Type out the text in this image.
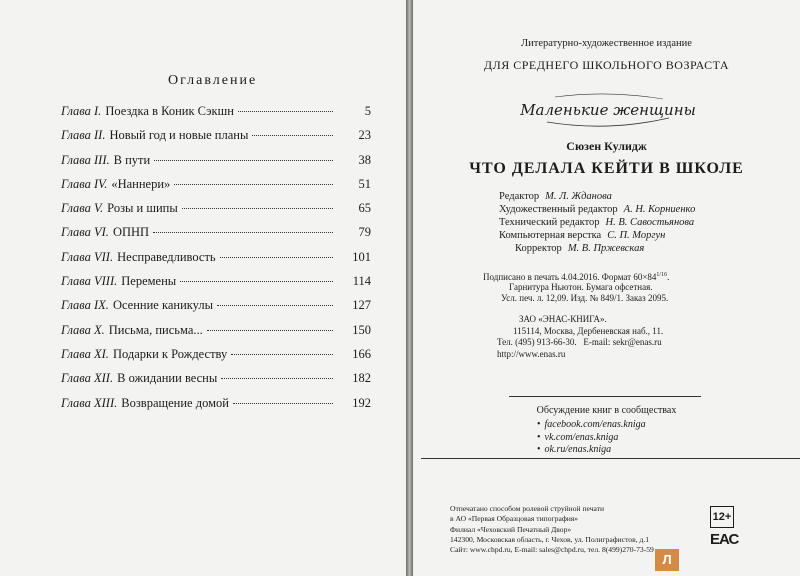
Оглавление
Глава I. Поездка в Коник Сэкшн	5
Глава II. Новый год и новые планы	23
Глава III. В пути	38
Глава IV. «Наннери»	51
Глава V. Розы и шипы	65
Глава VI. ОПНП	79
Глава VII. Несправедливость	101
Глава VIII. Перемены	114
Глава IX. Осенние каникулы	127
Глава X. Письма, письма...	150
Глава XI. Подарки к Рождеству	166
Глава XII. В ожидании весны	182
Глава XIII. Возвращение домой	192
Литературно-художественное издание
ДЛЯ СРЕДНЕГО ШКОЛЬНОГО ВОЗРАСТА
Маленькие женщины
Сюзен Кулидж
ЧТО ДЕЛАЛА КЕЙТИ В ШКОЛЕ
Редактор М. Л. Жданова
Художественный редактор А. Н. Корниенко
Технический редактор Н. В. Савостьянова
Компьютерная верстка С. П. Моргун
Корректор М. В. Пржевская
Подписано в печать 4.04.2016. Формат $60\times 84^{1/16}$.
Гарнитура Ньютон. Бумага офсетная.
Усл. печ. л. 12,09. Изд. № 849/1. Заказ 2095.
ЗАО «ЭНАС-КНИГА».
115114, Москва, Дербеневская наб., 11.
Тел. (495) 913-66-30.   E-mail: sekr@enas.ru
http://www.enas.ru
Обсуждение книг в сообществах
• facebook.com/enas.kniga
• vk.com/enas.kniga
• ok.ru/enas.kniga
Отпечатано способом ролевой струйной печати
в АО «Первая Образцовая типография»
Филиал «Чеховский Печатный Двор»
142300, Московская область, г. Чехов, ул. Полиграфистов, д.1
Сайт: www.chpd.ru, E-mail: sales@chpd.ru, тел. 8(499)270-73-59
12+
ЕАС
Л
